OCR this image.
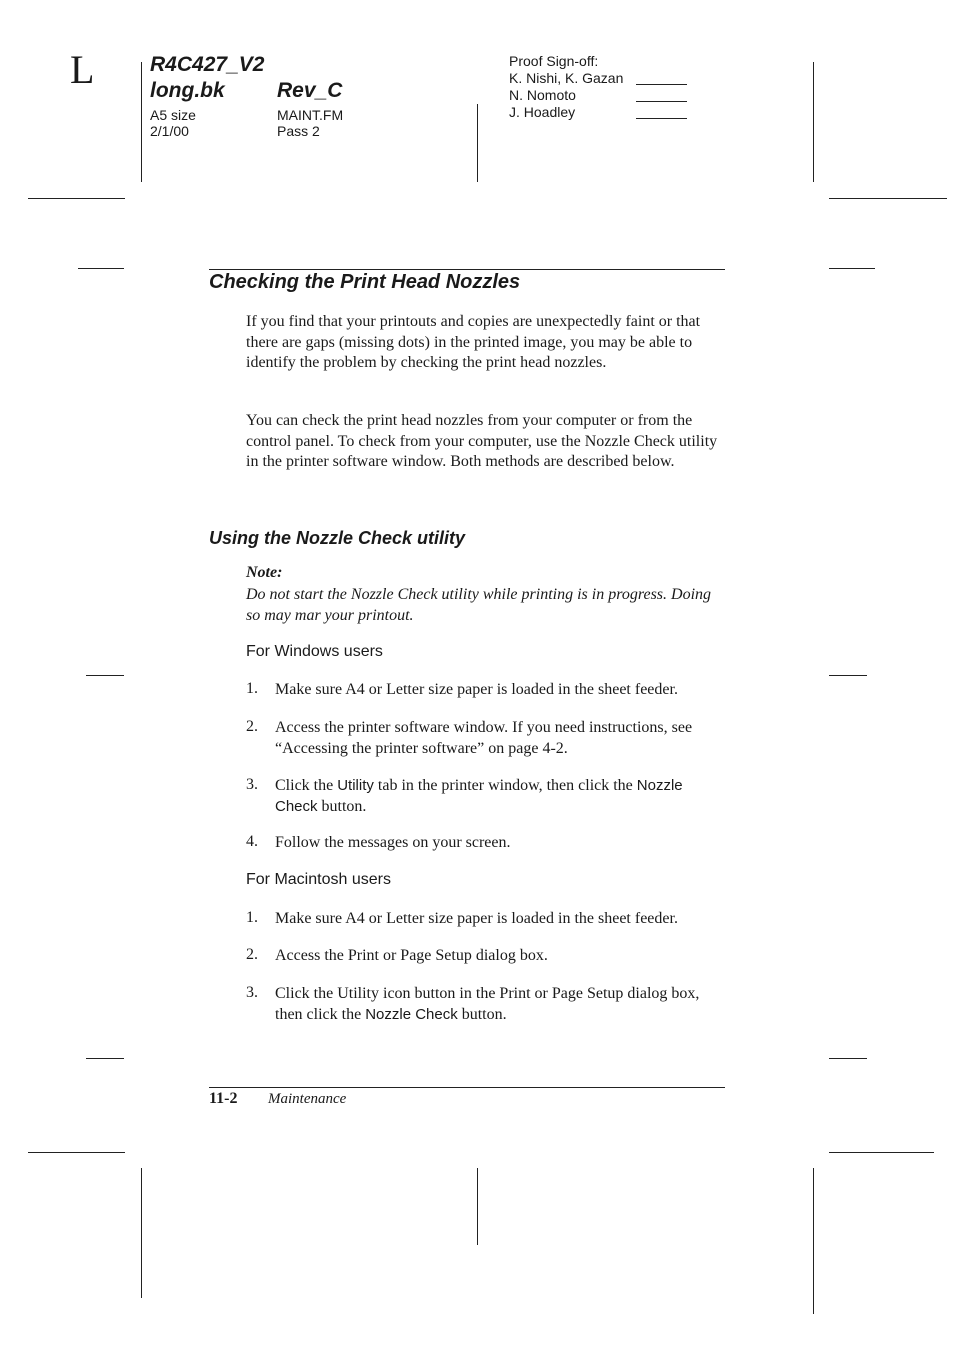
L	R4C427_V2
long.bk Rev_C
A5 size
2/1/00
MAINT.FM
Pass 2
Proof Sign-off:
K. Nishi, K. Gazan
N. Nomoto
J. Hoadley
Checking the Print Head Nozzles
If you find that your printouts and copies are unexpectedly faint or that there are gaps (missing dots) in the printed image, you may be able to identify the problem by checking the print head nozzles.
You can check the print head nozzles from your computer or from the control panel. To check from your computer, use the Nozzle Check utility in the printer software window. Both methods are described below.
Using the Nozzle Check utility
Note:
Do not start the Nozzle Check utility while printing is in progress. Doing so may mar your printout.
For Windows users
1. Make sure A4 or Letter size paper is loaded in the sheet feeder.
2. Access the printer software window. If you need instructions, see “Accessing the printer software” on page 4-2.
3. Click the Utility tab in the printer window, then click the Nozzle Check button.
4. Follow the messages on your screen.
For Macintosh users
1. Make sure A4 or Letter size paper is loaded in the sheet feeder.
2. Access the Print or Page Setup dialog box.
3. Click the Utility icon button in the Print or Page Setup dialog box, then click the Nozzle Check button.
11-2 Maintenance
